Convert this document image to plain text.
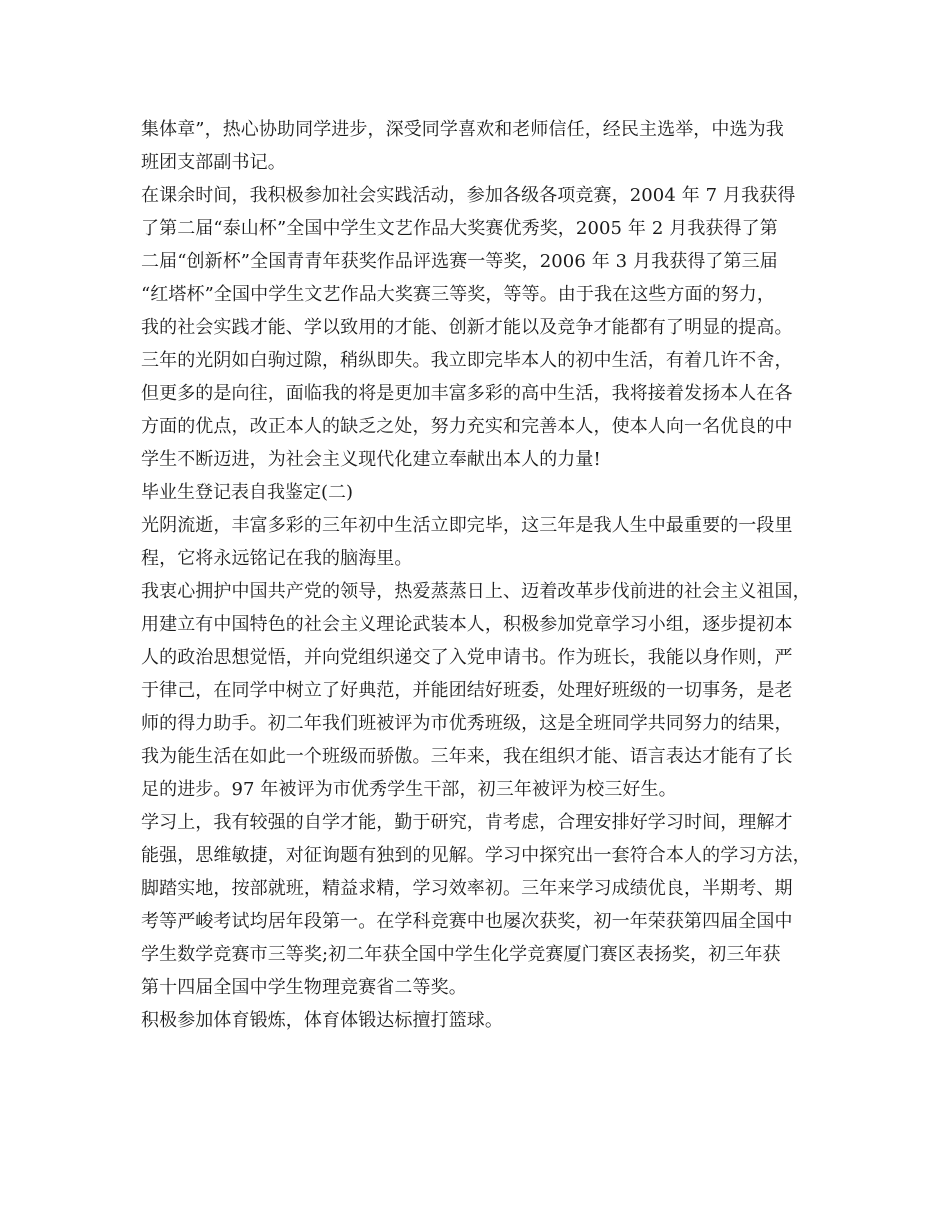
集体章”，热心协助同学进步，深受同学喜欢和老师信任，经民主选举，中选为我
班团支部副书记。
在课余时间，我积极参加社会实践活动，参加各级各项竞赛，2004 年 7 月我获得
了第二届“泰山杯”全国中学生文艺作品大奖赛优秀奖，2005 年 2 月我获得了第
二届“创新杯”全国青青年获奖作品评选赛一等奖，2006 年 3 月我获得了第三届
“红塔杯”全国中学生文艺作品大奖赛三等奖，等等。由于我在这些方面的努力，
我的社会实践才能、学以致用的才能、创新才能以及竞争才能都有了明显的提高。
三年的光阴如白驹过隙，稍纵即失。我立即完毕本人的初中生活，有着几许不舍，
但更多的是向往，面临我的将是更加丰富多彩的高中生活，我将接着发扬本人在各
方面的优点，改正本人的缺乏之处，努力充实和完善本人，使本人向一名优良的中
学生不断迈进，为社会主义现代化建立奉献出本人的力量!
毕业生登记表自我鉴定(二)
光阴流逝，丰富多彩的三年初中生活立即完毕，这三年是我人生中最重要的一段里
程，它将永远铭记在我的脑海里。
我衷心拥护中国共产党的领导，热爱蒸蒸日上、迈着改革步伐前进的社会主义祖国，
用建立有中国特色的社会主义理论武装本人，积极参加党章学习小组，逐步提初本
人的政治思想觉悟，并向党组织递交了入党申请书。作为班长，我能以身作则，严
于律己，在同学中树立了好典范，并能团结好班委，处理好班级的一切事务，是老
师的得力助手。初二年我们班被评为市优秀班级，这是全班同学共同努力的结果，
我为能生活在如此一个班级而骄傲。三年来，我在组织才能、语言表达才能有了长
足的进步。97 年被评为市优秀学生干部，初三年被评为校三好生。
学习上，我有较强的自学才能，勤于研究，肯考虑，合理安排好学习时间，理解才
能强，思维敏捷，对征询题有独到的见解。学习中探究出一套符合本人的学习方法，
脚踏实地，按部就班，精益求精，学习效率初。三年来学习成绩优良，半期考、期
考等严峻考试均居年段第一。在学科竞赛中也屡次获奖，初一年荣获第四届全国中
学生数学竞赛市三等奖;初二年获全国中学生化学竞赛厦门赛区表扬奖，初三年获
第十四届全国中学生物理竞赛省二等奖。
积极参加体育锻炼，体育体锻达标擅打篮球。
